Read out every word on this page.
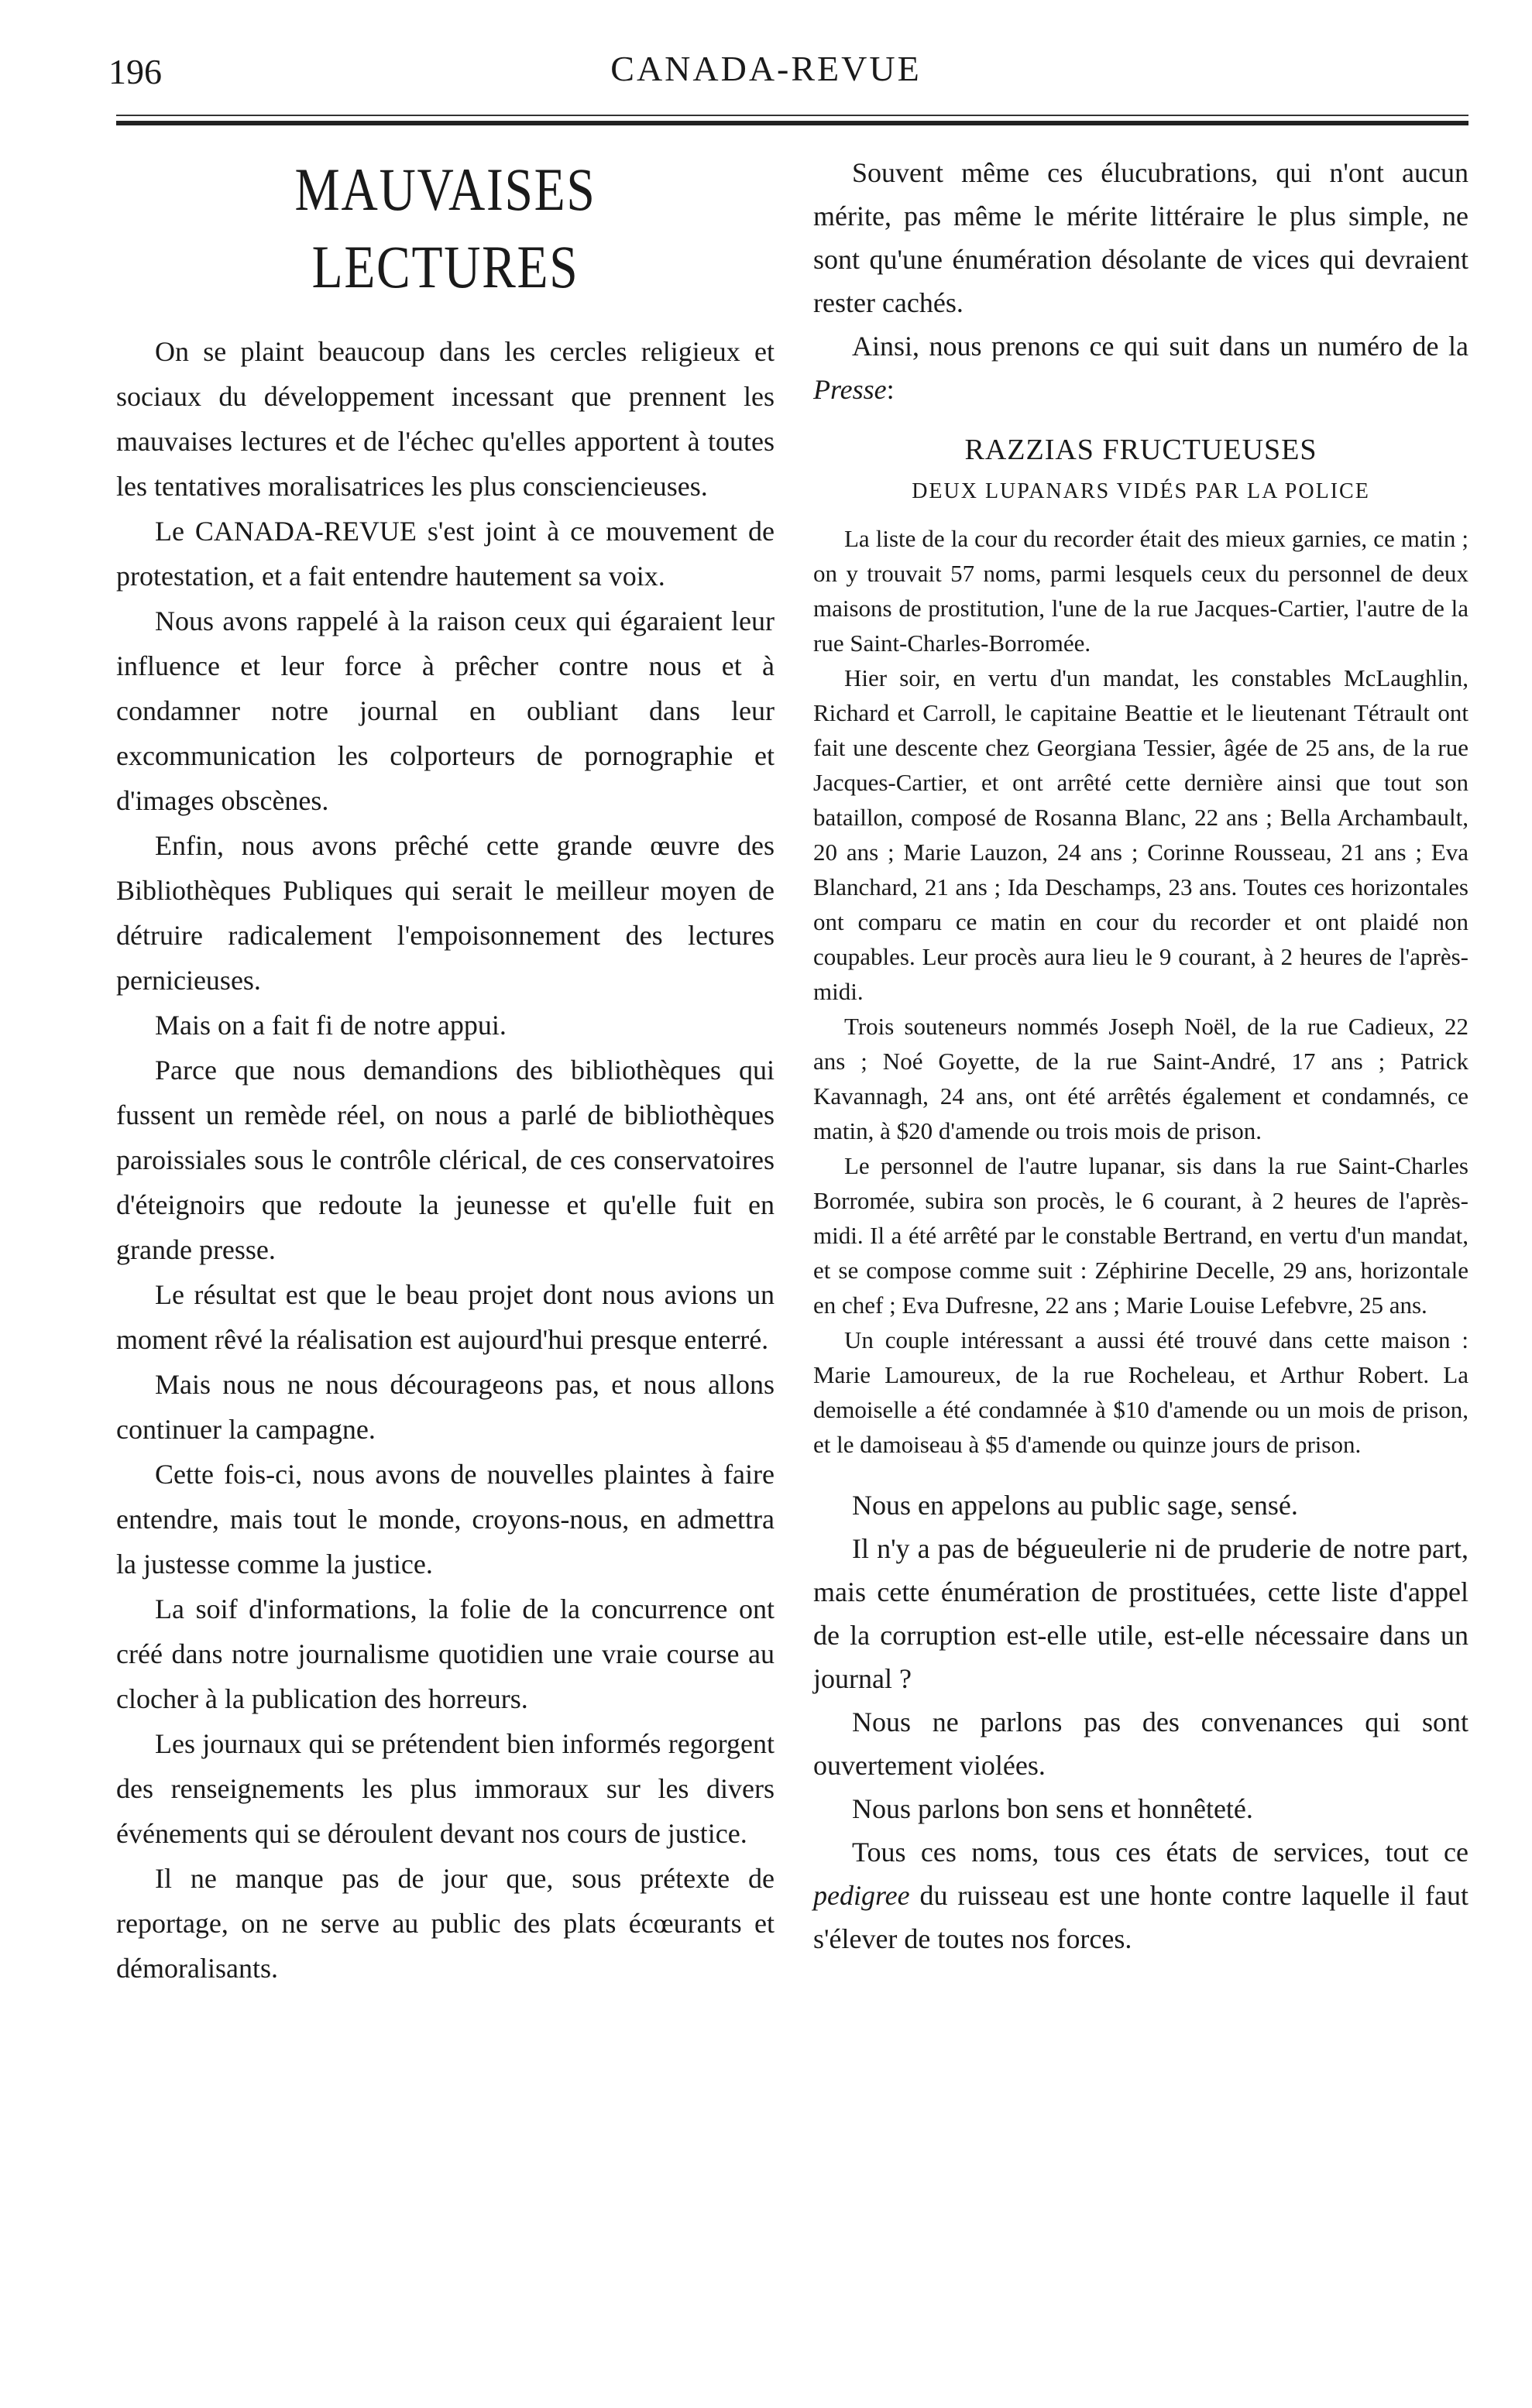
196	CANADA-REVUE
MAUVAISES LECTURES

On se plaint beaucoup dans les cercles religieux et sociaux du développement incessant que prennent les mauvaises lectures et de l'échec qu'elles apportent à toutes les tentatives moralisatrices les plus consciencieuses.

Le CANADA-REVUE s'est joint à ce mouvement de protestation, et a fait entendre hautement sa voix.

Nous avons rappelé à la raison ceux qui égaraient leur influence et leur force à prêcher contre nous et à condamner notre journal en oubliant dans leur excommunication les colporteurs de pornographie et d'images obscènes.

Enfin, nous avons prêché cette grande œuvre des Bibliothèques Publiques qui serait le meilleur moyen de détruire radicalement l'empoisonnement des lectures pernicieuses.

Mais on a fait fi de notre appui.

Parce que nous demandions des bibliothèques qui fussent un remède réel, on nous a parlé de bibliothèques paroissiales sous le contrôle clérical, de ces conservatoires d'éteignoirs que redoute la jeunesse et qu'elle fuit en grande presse.

Le résultat est que le beau projet dont nous avions un moment rêvé la réalisation est aujourd'hui presque enterré.

Mais nous ne nous décourageons pas, et nous allons continuer la campagne.

Cette fois-ci, nous avons de nouvelles plaintes à faire entendre, mais tout le monde, croyons-nous, en admettra la justesse comme la justice.

La soif d'informations, la folie de la concurrence ont créé dans notre journalisme quotidien une vraie course au clocher à la publication des horreurs.

Les journaux qui se prétendent bien informés regorgent des renseignements les plus immoraux sur les divers événements qui se déroulent devant nos cours de justice.

Il ne manque pas de jour que, sous prétexte de reportage, on ne serve au public des plats écœurants et démoralisants.

Souvent même ces élucubrations, qui n'ont aucun mérite, pas même le mérite littéraire le plus simple, ne sont qu'une énumération désolante de vices qui devraient rester cachés.

Ainsi, nous prenons ce qui suit dans un numéro de la Presse:

RAZZIAS FRUCTUEUSES

DEUX LUPANARS VIDÉS PAR LA POLICE

La liste de la cour du recorder était des mieux garnies, ce matin ; on y trouvait 57 noms, parmi lesquels ceux du personnel de deux maisons de prostitution, l'une de la rue Jacques-Cartier, l'autre de la rue Saint-Charles-Borromée.

Hier soir, en vertu d'un mandat, les constables McLaughlin, Richard et Carroll, le capitaine Beattie et le lieutenant Tétrault ont fait une descente chez Georgiana Tessier, âgée de 25 ans, de la rue Jacques-Cartier, et ont arrêté cette dernière ainsi que tout son bataillon, composé de Rosanna Blanc, 22 ans ; Bella Archambault, 20 ans ; Marie Lauzon, 24 ans ; Corinne Rousseau, 21 ans ; Eva Blanchard, 21 ans ; Ida Deschamps, 23 ans. Toutes ces horizontales ont comparu ce matin en cour du recorder et ont plaidé non coupables. Leur procès aura lieu le 9 courant, à 2 heures de l'après-midi.

Trois souteneurs nommés Joseph Noël, de la rue Cadieux, 22 ans ; Noé Goyette, de la rue Saint-André, 17 ans ; Patrick Kavannagh, 24 ans, ont été arrêtés également et condamnés, ce matin, à $20 d'amende ou trois mois de prison.

Le personnel de l'autre lupanar, sis dans la rue Saint-Charles Borromée, subira son procès, le 6 courant, à 2 heures de l'après-midi. Il a été arrêté par le constable Bertrand, en vertu d'un mandat, et se compose comme suit : Zéphirine Decelle, 29 ans, horizontale en chef ; Eva Dufresne, 22 ans ; Marie Louise Lefebvre, 25 ans.

Un couple intéressant a aussi été trouvé dans cette maison : Marie Lamoureux, de la rue Rocheleau, et Arthur Robert. La demoiselle a été condamnée à $10 d'amende ou un mois de prison, et le damoiseau à $5 d'amende ou quinze jours de prison.

Nous en appelons au public sage, sensé.

Il n'y a pas de bégueulerie ni de pruderie de notre part, mais cette énumération de prostituées, cette liste d'appel de la corruption est-elle utile, est-elle nécessaire dans un journal ?

Nous ne parlons pas des convenances qui sont ouvertement violées.

Nous parlons bon sens et honnêteté.

Tous ces noms, tous ces états de services, tout ce pedigree du ruisseau est une honte contre laquelle il faut s'élever de toutes nos forces.
